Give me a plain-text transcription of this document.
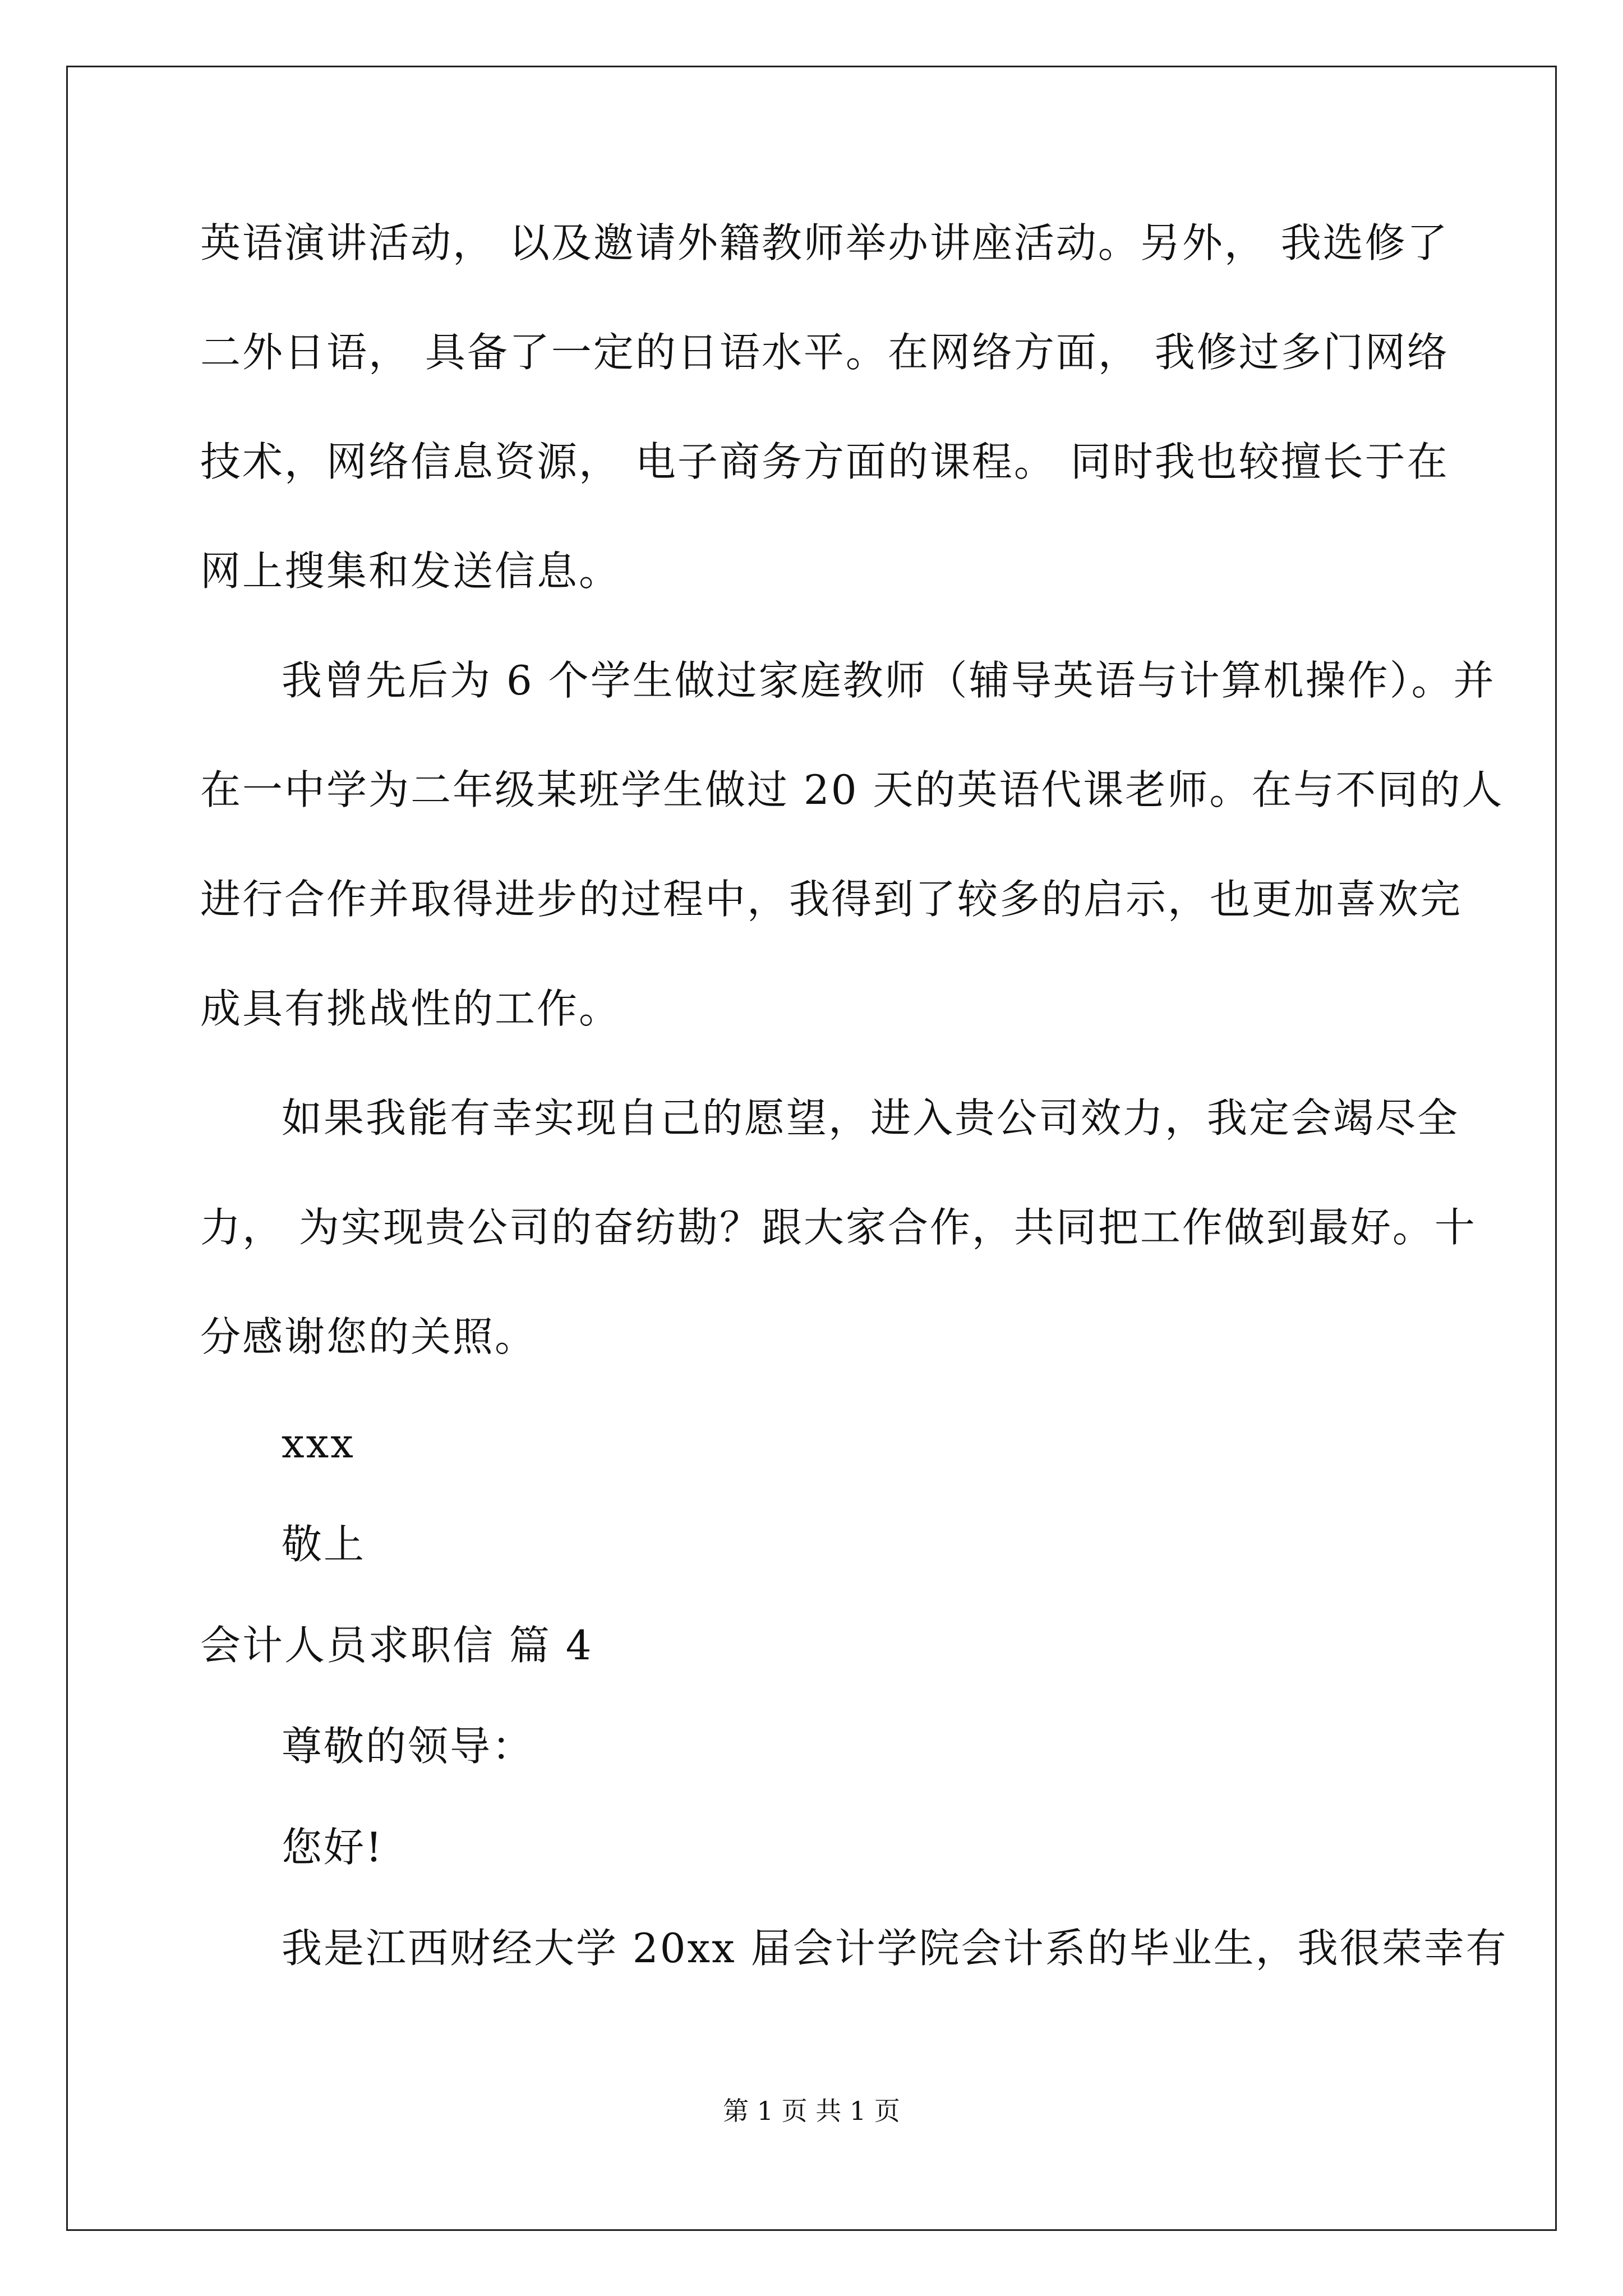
英语演讲活动， 以及邀请外籍教师举办讲座活动。另外， 我选修了
二外日语， 具备了一定的日语水平。在网络方面， 我修过多门网络
技术，网络信息资源， 电子商务方面的课程。 同时我也较擅长于在
网上搜集和发送信息。
我曾先后为 6 个学生做过家庭教师（辅导英语与计算机操作）。并
在一中学为二年级某班学生做过 20 天的英语代课老师。在与不同的人
进行合作并取得进步的过程中，我得到了较多的启示，也更加喜欢完
成具有挑战性的工作。
如果我能有幸实现自己的愿望，进入贵公司效力，我定会竭尽全
力， 为实现贵公司的奋纺勘？跟大家合作，共同把工作做到最好。十
分感谢您的关照。
xxx
敬上
会计人员求职信 篇 4
尊敬的领导：
您好!
我是江西财经大学 20xx 届会计学院会计系的毕业生，我很荣幸有
第 1 页 共 1 页
